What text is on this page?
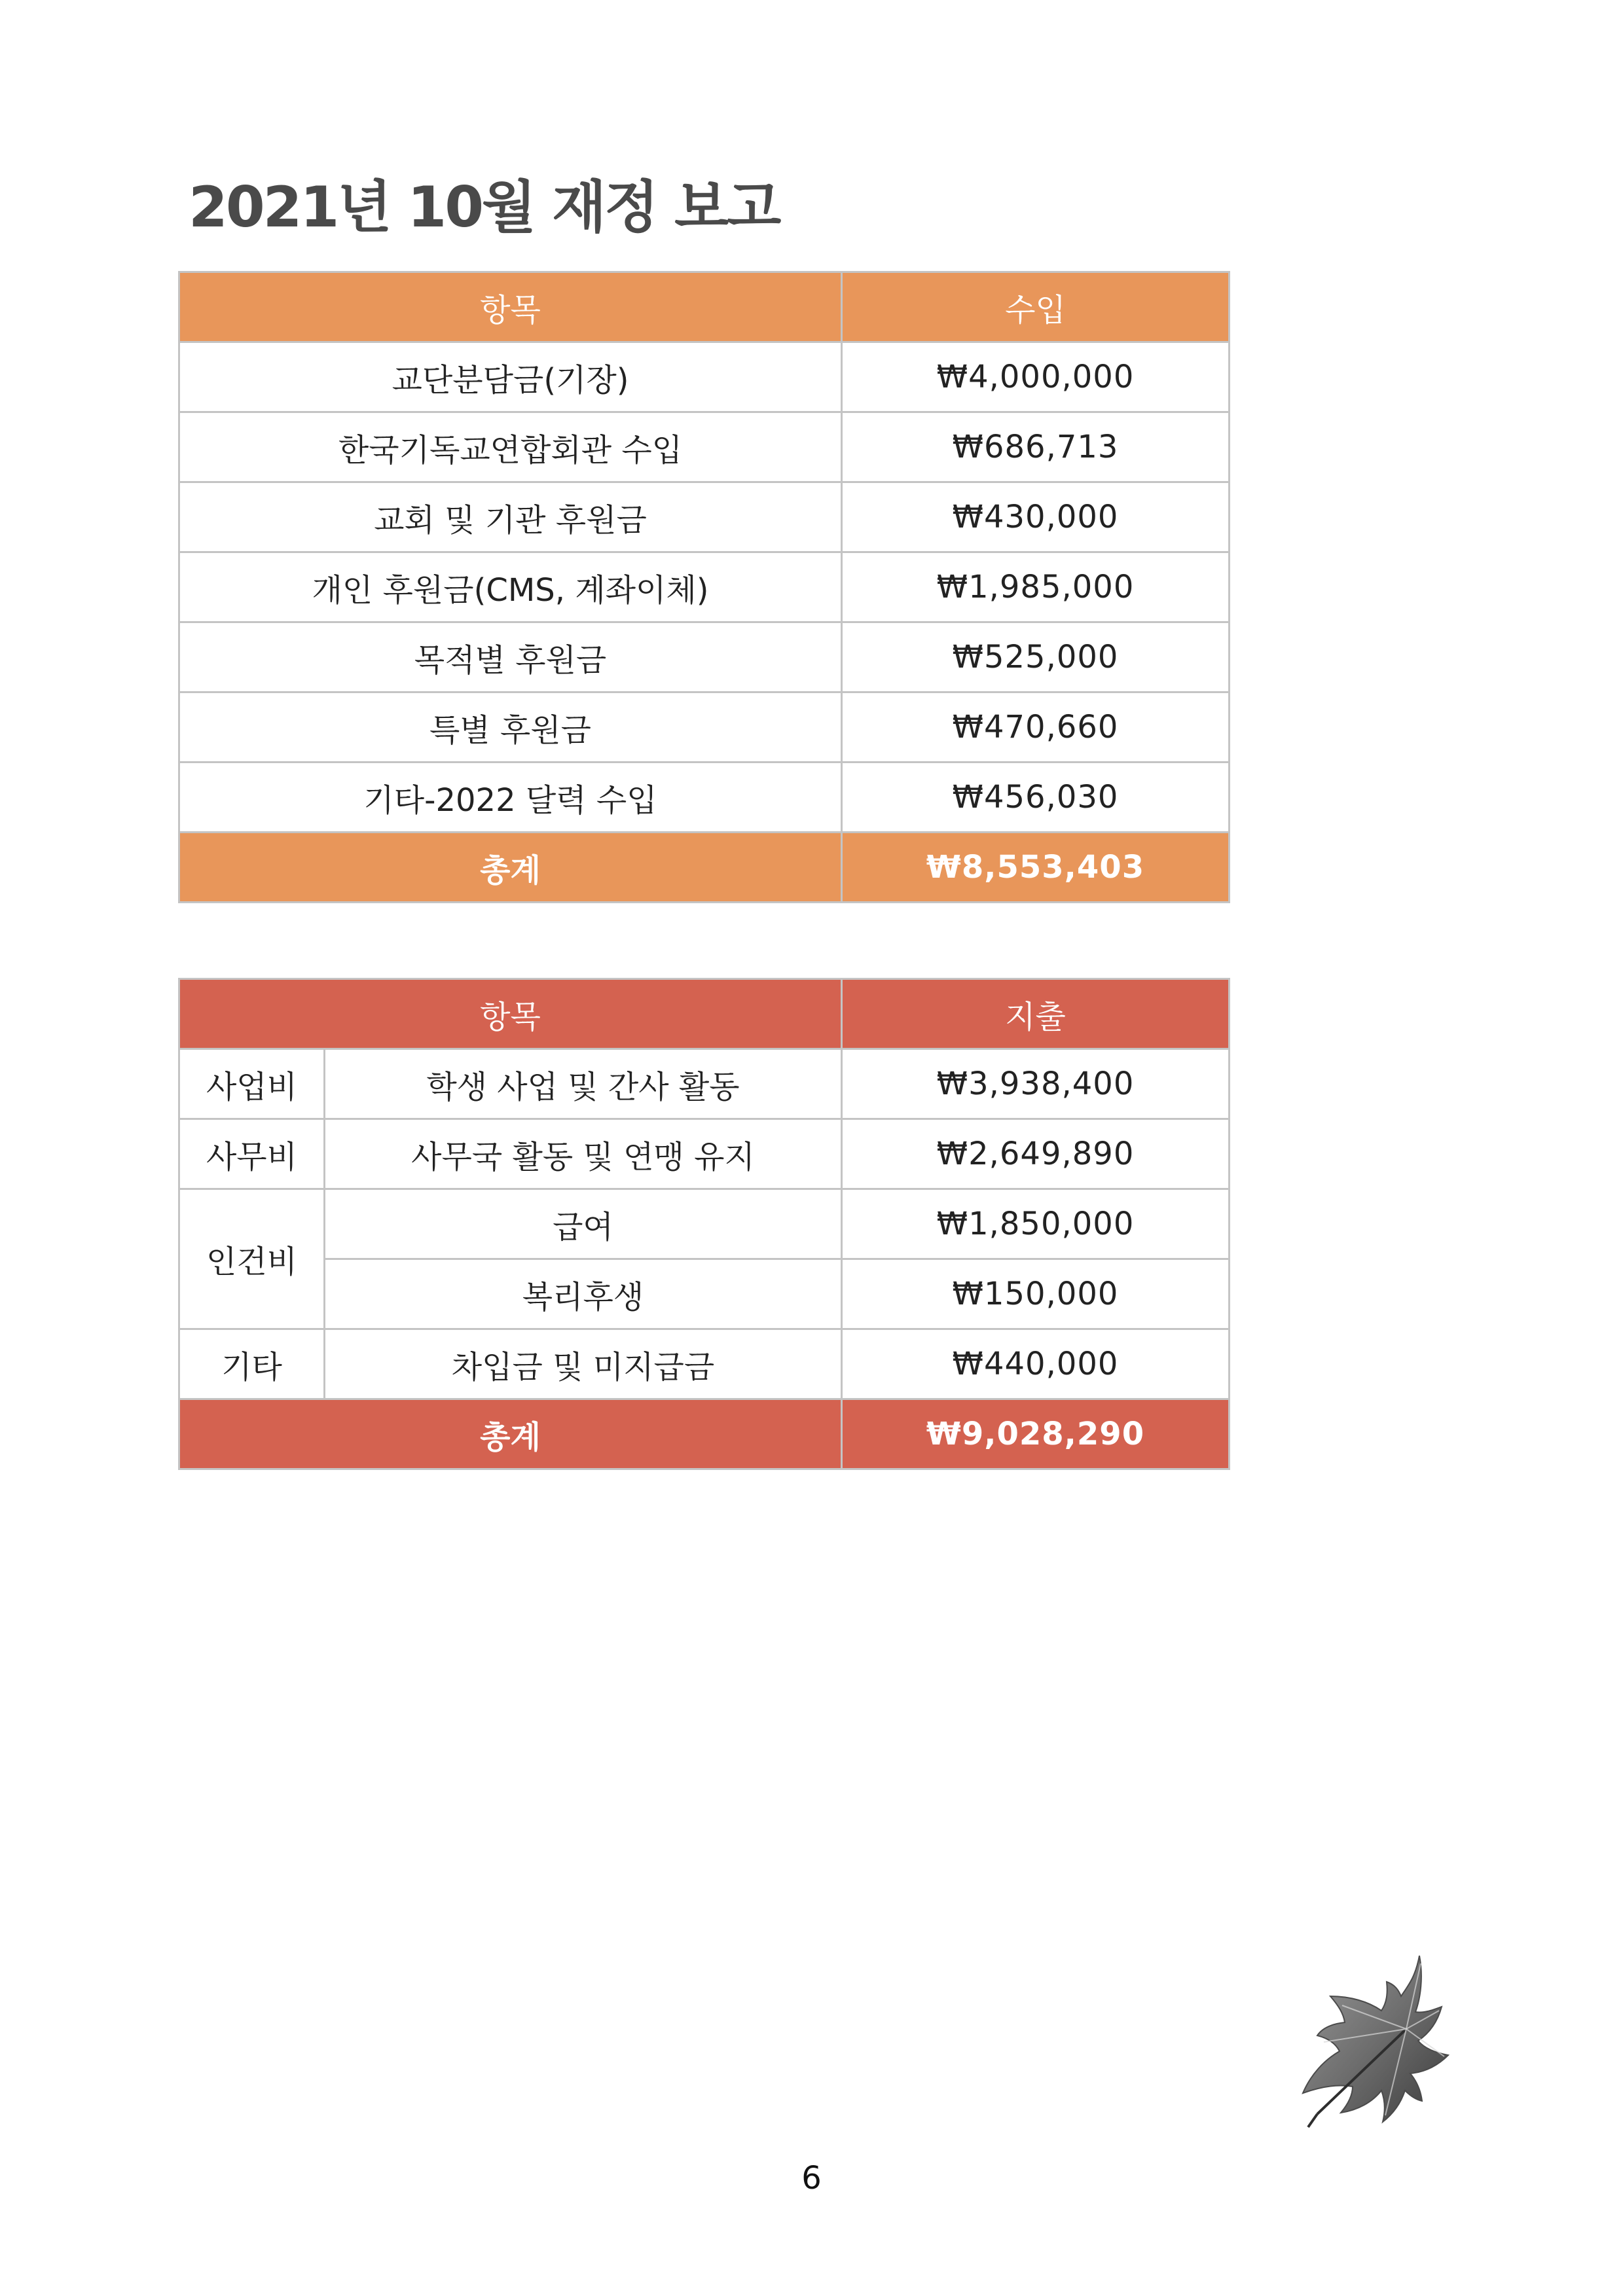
2021년 10월 재정 보고
항목	수입
교단분담금(기장)	₩4,000,000
한국기독교연합회관 수입	₩686,713
교회 및 기관 후원금	₩430,000
개인 후원금(CMS, 계좌이체)	₩1,985,000
목적별 후원금	₩525,000
특별 후원금	₩470,660
기타-2022 달력 수입	₩456,030
총계	₩8,553,403
항목		지출
사업비	학생 사업 및 간사 활동	₩3,938,400
사무비	사무국 활동 및 연맹 유지	₩2,649,890
인건비	급여	₩1,850,000
	복리후생	₩150,000
기타	차입금 및 미지급금	₩440,000
총계		₩9,028,290
6
